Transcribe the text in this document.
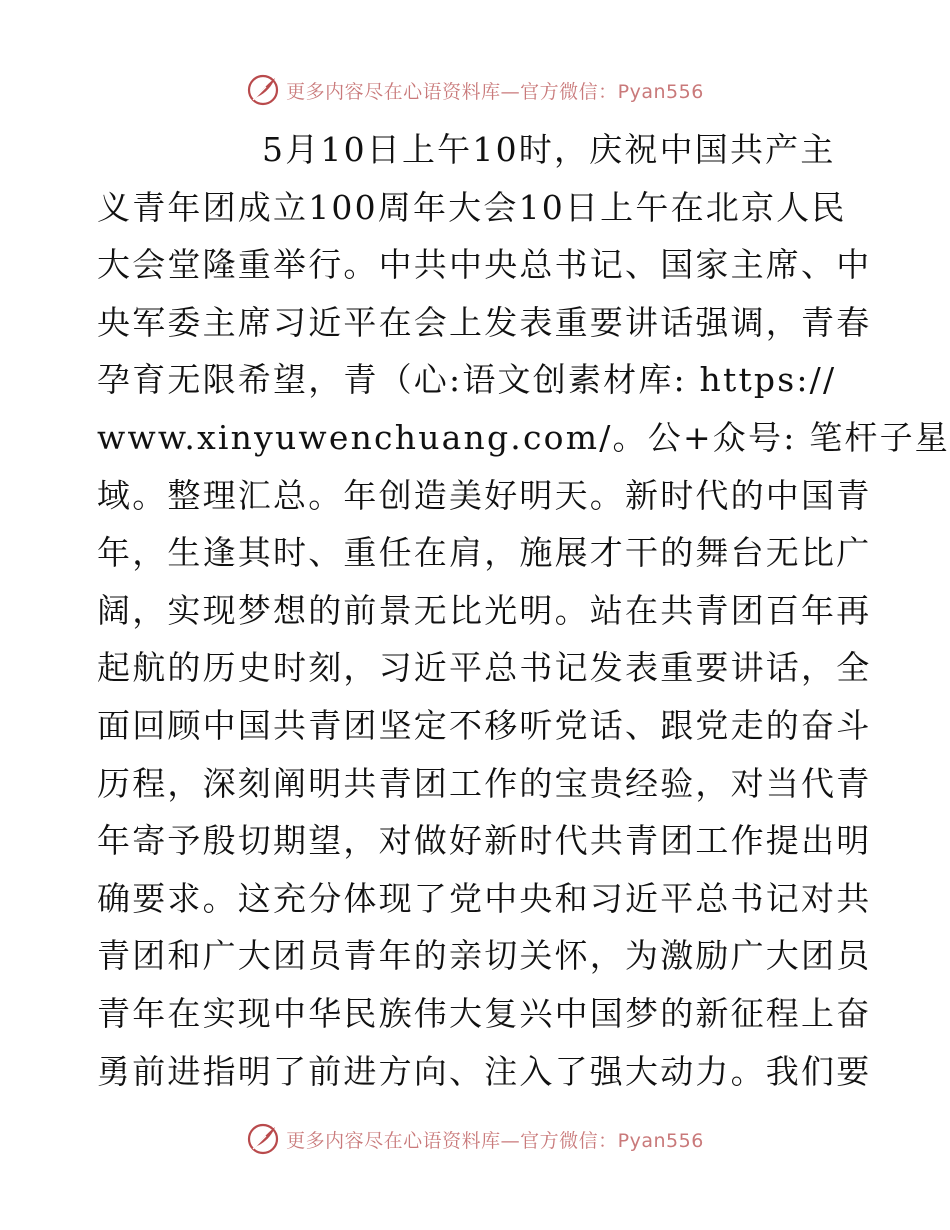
更多内容尽在心语资料库—官方微信：Pyan556
5月10日上午10时，庆祝中国共产主
义青年团成立100周年大会10日上午在北京人民
大会堂隆重举行。中共中央总书记、国家主席、中
央军委主席习近平在会上发表重要讲话强调，青春
孕育无限希望，青（心:语文创素材库: https://
www.xinyuwenchuang.com/。公+众号: 笔杆子星
域。整理汇总。年创造美好明天。新时代的中国青
年，生逢其时、重任在肩，施展才干的舞台无比广
阔，实现梦想的前景无比光明。站在共青团百年再
起航的历史时刻，习近平总书记发表重要讲话，全
面回顾中国共青团坚定不移听党话、跟党走的奋斗
历程，深刻阐明共青团工作的宝贵经验，对当代青
年寄予殷切期望，对做好新时代共青团工作提出明
确要求。这充分体现了党中央和习近平总书记对共
青团和广大团员青年的亲切关怀，为激励广大团员
青年在实现中华民族伟大复兴中国梦的新征程上奋
勇前进指明了前进方向、注入了强大动力。我们要
更多内容尽在心语资料库—官方微信：Pyan556
